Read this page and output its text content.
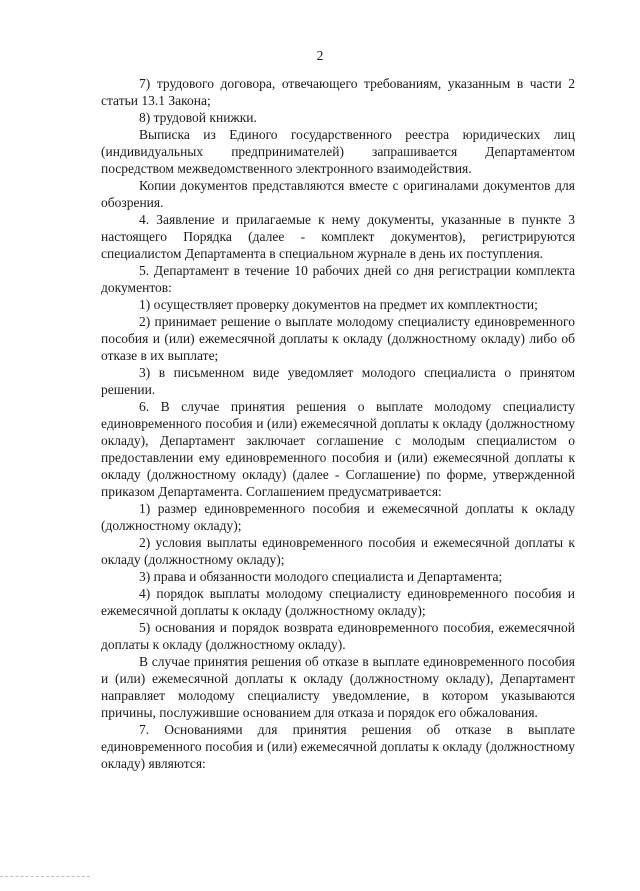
2

7) трудового договора, отвечающего требованиям, указанным в части 2 статьи 13.1 Закона;

8) трудовой книжки.

Выписка из Единого государственного реестра юридических лиц (индивидуальных предпринимателей) запрашивается Департаментом посредством межведомственного электронного взаимодействия.

Копии документов представляются вместе с оригиналами документов для обозрения.

4. Заявление и прилагаемые к нему документы, указанные в пункте 3 настоящего Порядка (далее - комплект документов), регистрируются специалистом Департамента в специальном журнале в день их поступления.

5. Департамент в течение 10 рабочих дней со дня регистрации комплекта документов:

1) осуществляет проверку документов на предмет их комплектности;

2) принимает решение о выплате молодому специалисту единовременного пособия и (или) ежемесячной доплаты к окладу (должностному окладу) либо об отказе в их выплате;

3) в письменном виде уведомляет молодого специалиста о принятом решении.

6. В случае принятия решения о выплате молодому специалисту единовременного пособия и (или) ежемесячной доплаты к окладу (должностному окладу), Департамент заключает соглашение с молодым специалистом о предоставлении ему единовременного пособия и (или) ежемесячной доплаты к окладу (должностному окладу) (далее - Соглашение) по форме, утвержденной приказом Департамента. Соглашением предусматривается:

1) размер единовременного пособия и ежемесячной доплаты к окладу (должностному окладу);

2) условия выплаты единовременного пособия и ежемесячной доплаты к окладу (должностному окладу);

3) права и обязанности молодого специалиста и Департамента;

4) порядок выплаты молодому специалисту единовременного пособия и ежемесячной доплаты к окладу (должностному окладу);

5) основания и порядок возврата единовременного пособия, ежемесячной доплаты к окладу (должностному окладу).

В случае принятия решения об отказе в выплате единовременного пособия и (или) ежемесячной доплаты к окладу (должностному окладу), Департамент направляет молодому специалисту уведомление, в котором указываются причины, послужившие основанием для отказа и порядок его обжалования.

7. Основаниями для принятия решения об отказе в выплате единовременного пособия и (или) ежемесячной доплаты к окладу (должностному окладу) являются:
